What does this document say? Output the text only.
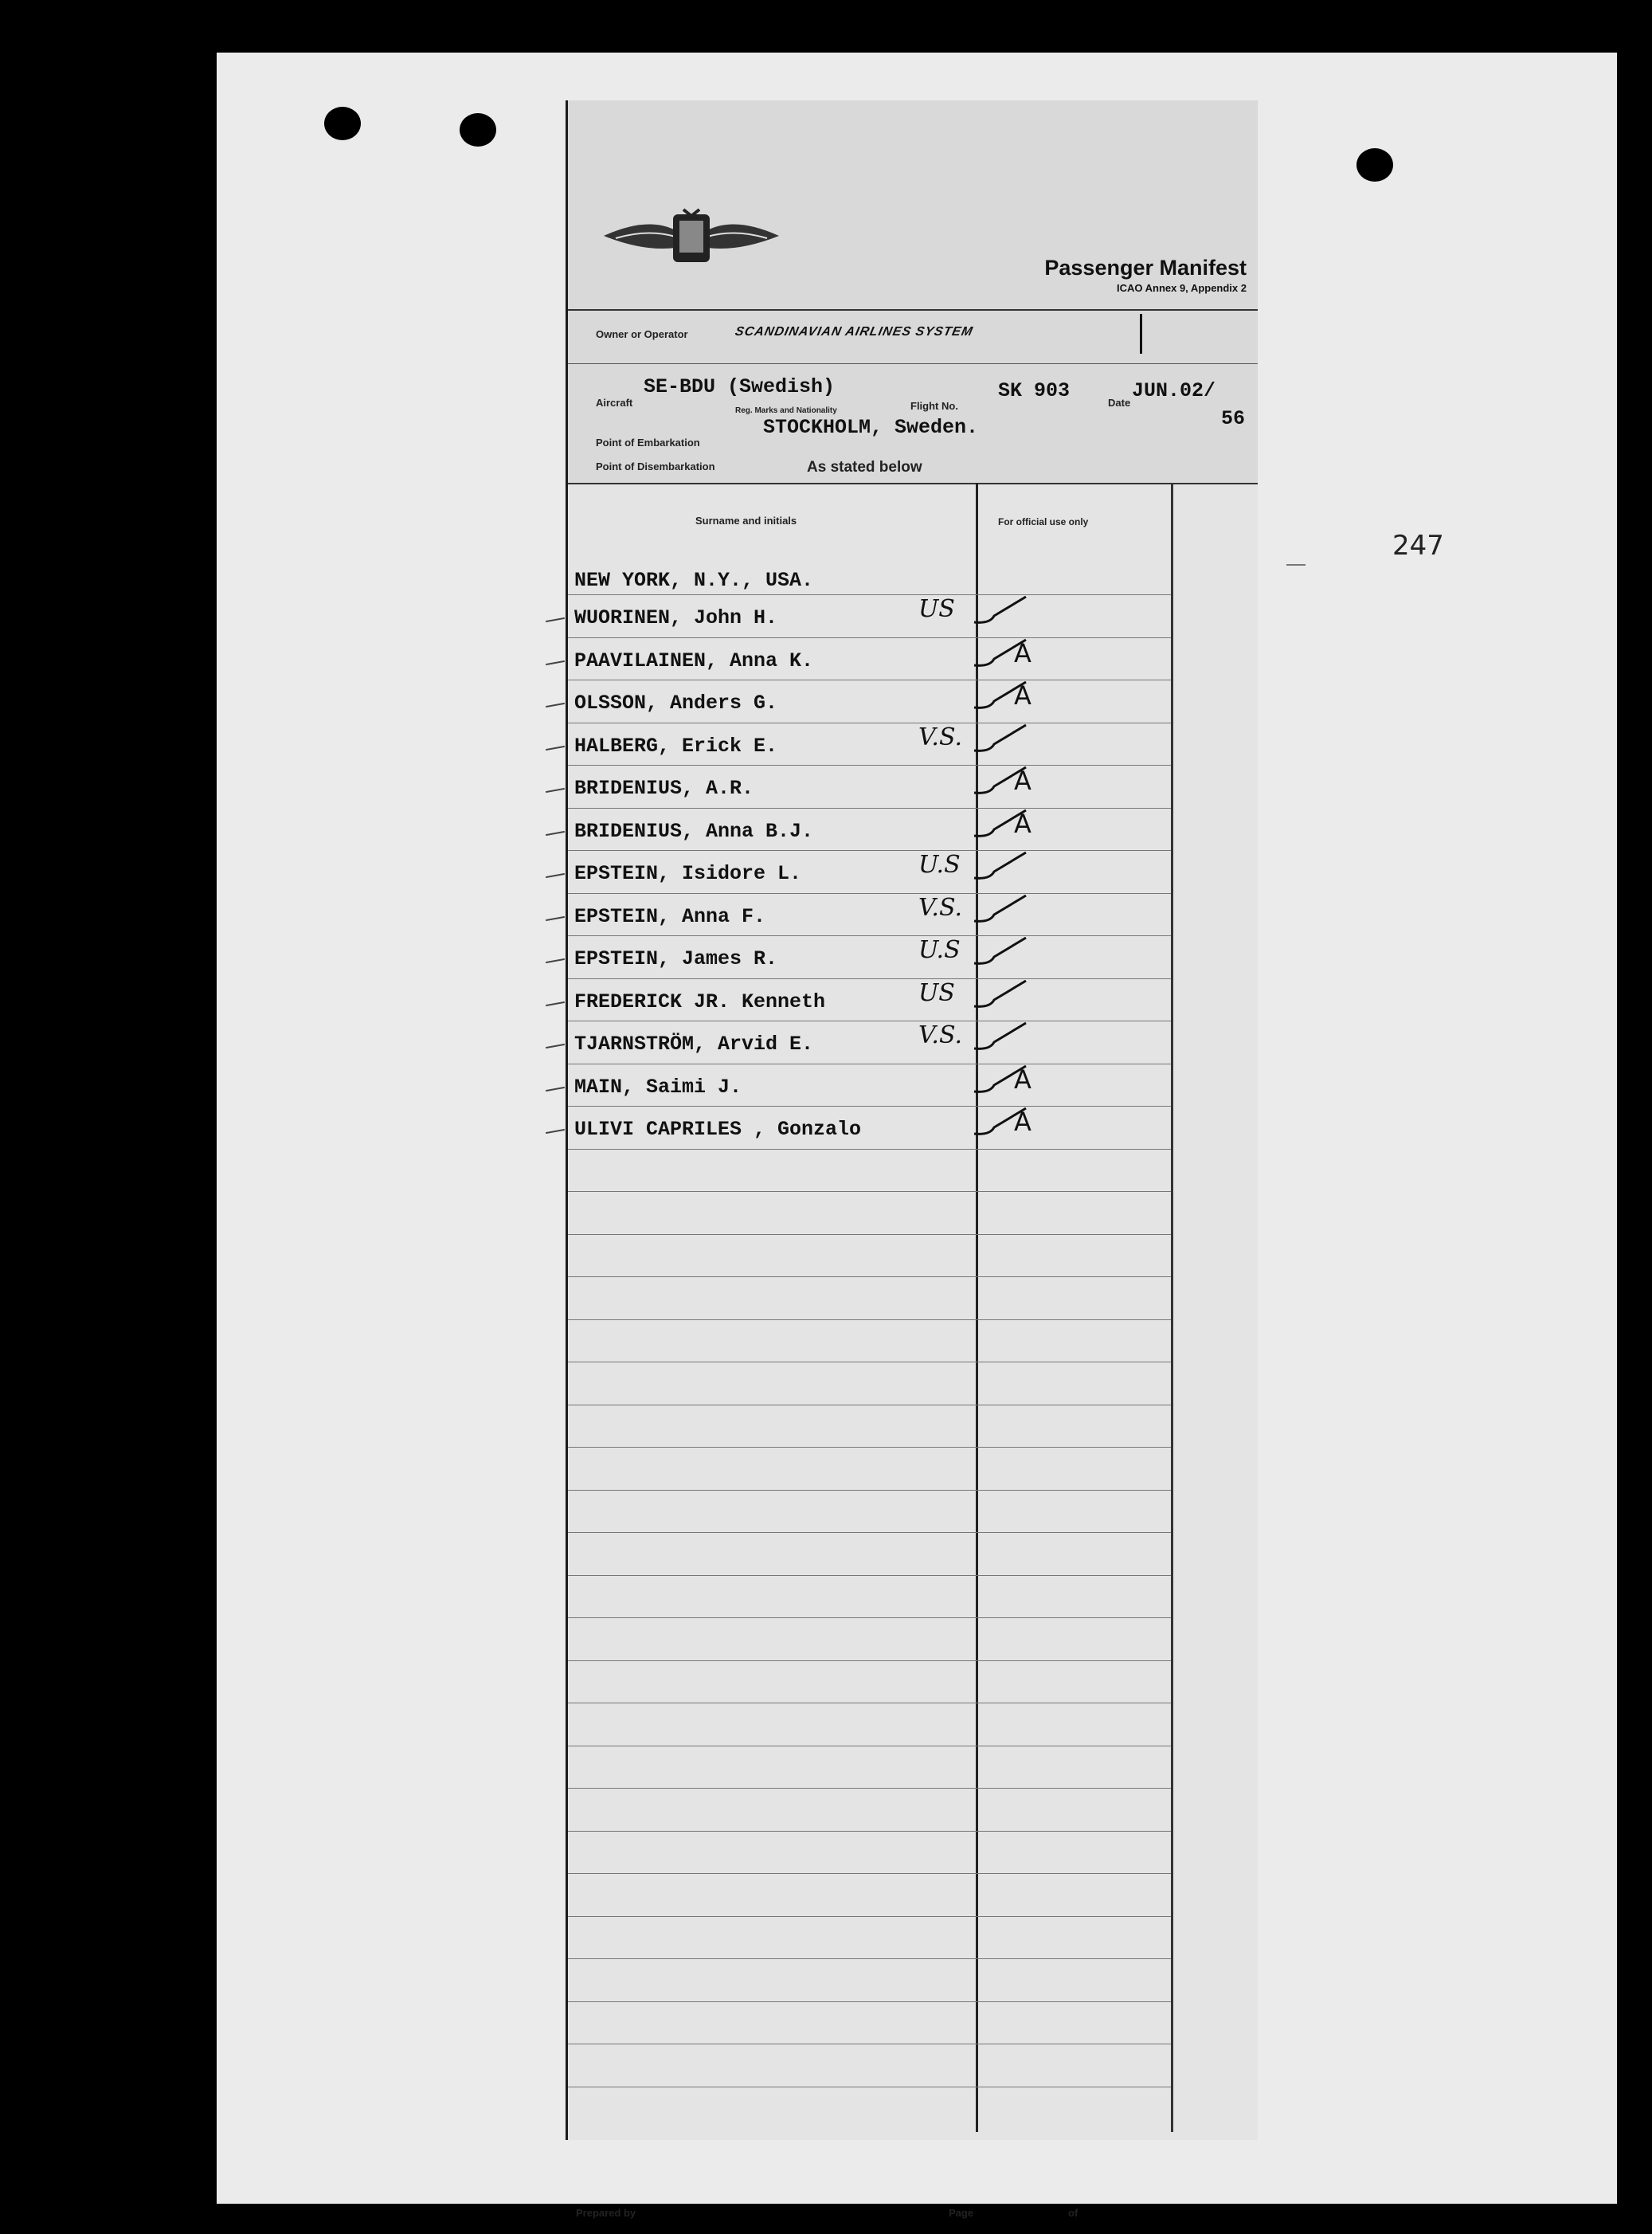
247
Passenger Manifest
ICAO Annex 9, Appendix 2
Owner or Operator	SCANDINAVIAN AIRLINES SYSTEM
Aircraft
SE-BDU (Swedish)
Reg. Marks and Nationality	Flight No.
SK 903
Date
JUN.02/
56
Point of Embarkation
STOCKHOLM, Sweden.
Point of Disembarkation	As stated below
Surname and initials	For official use only
WUORINEN, John H.	US
PAAVILAINEN, Anna K.	A
OLSSON, Anders G.	A
HALBERG, Erick E.	V.S.
BRIDENIUS, A.R.	A
BRIDENIUS, Anna B.J.	A
EPSTEIN, Isidore L.	U.S
EPSTEIN, Anna F.	V.S.
EPSTEIN, James R.	U.S
FREDERICK JR. Kenneth	US
TJARNSTRÖM, Arvid E.	V.S.
MAIN, Saimi J.	A
ULIVI CAPRILES , Gonzalo	A
NEW YORK, N.Y., USA.
Prepared by	Page	of
